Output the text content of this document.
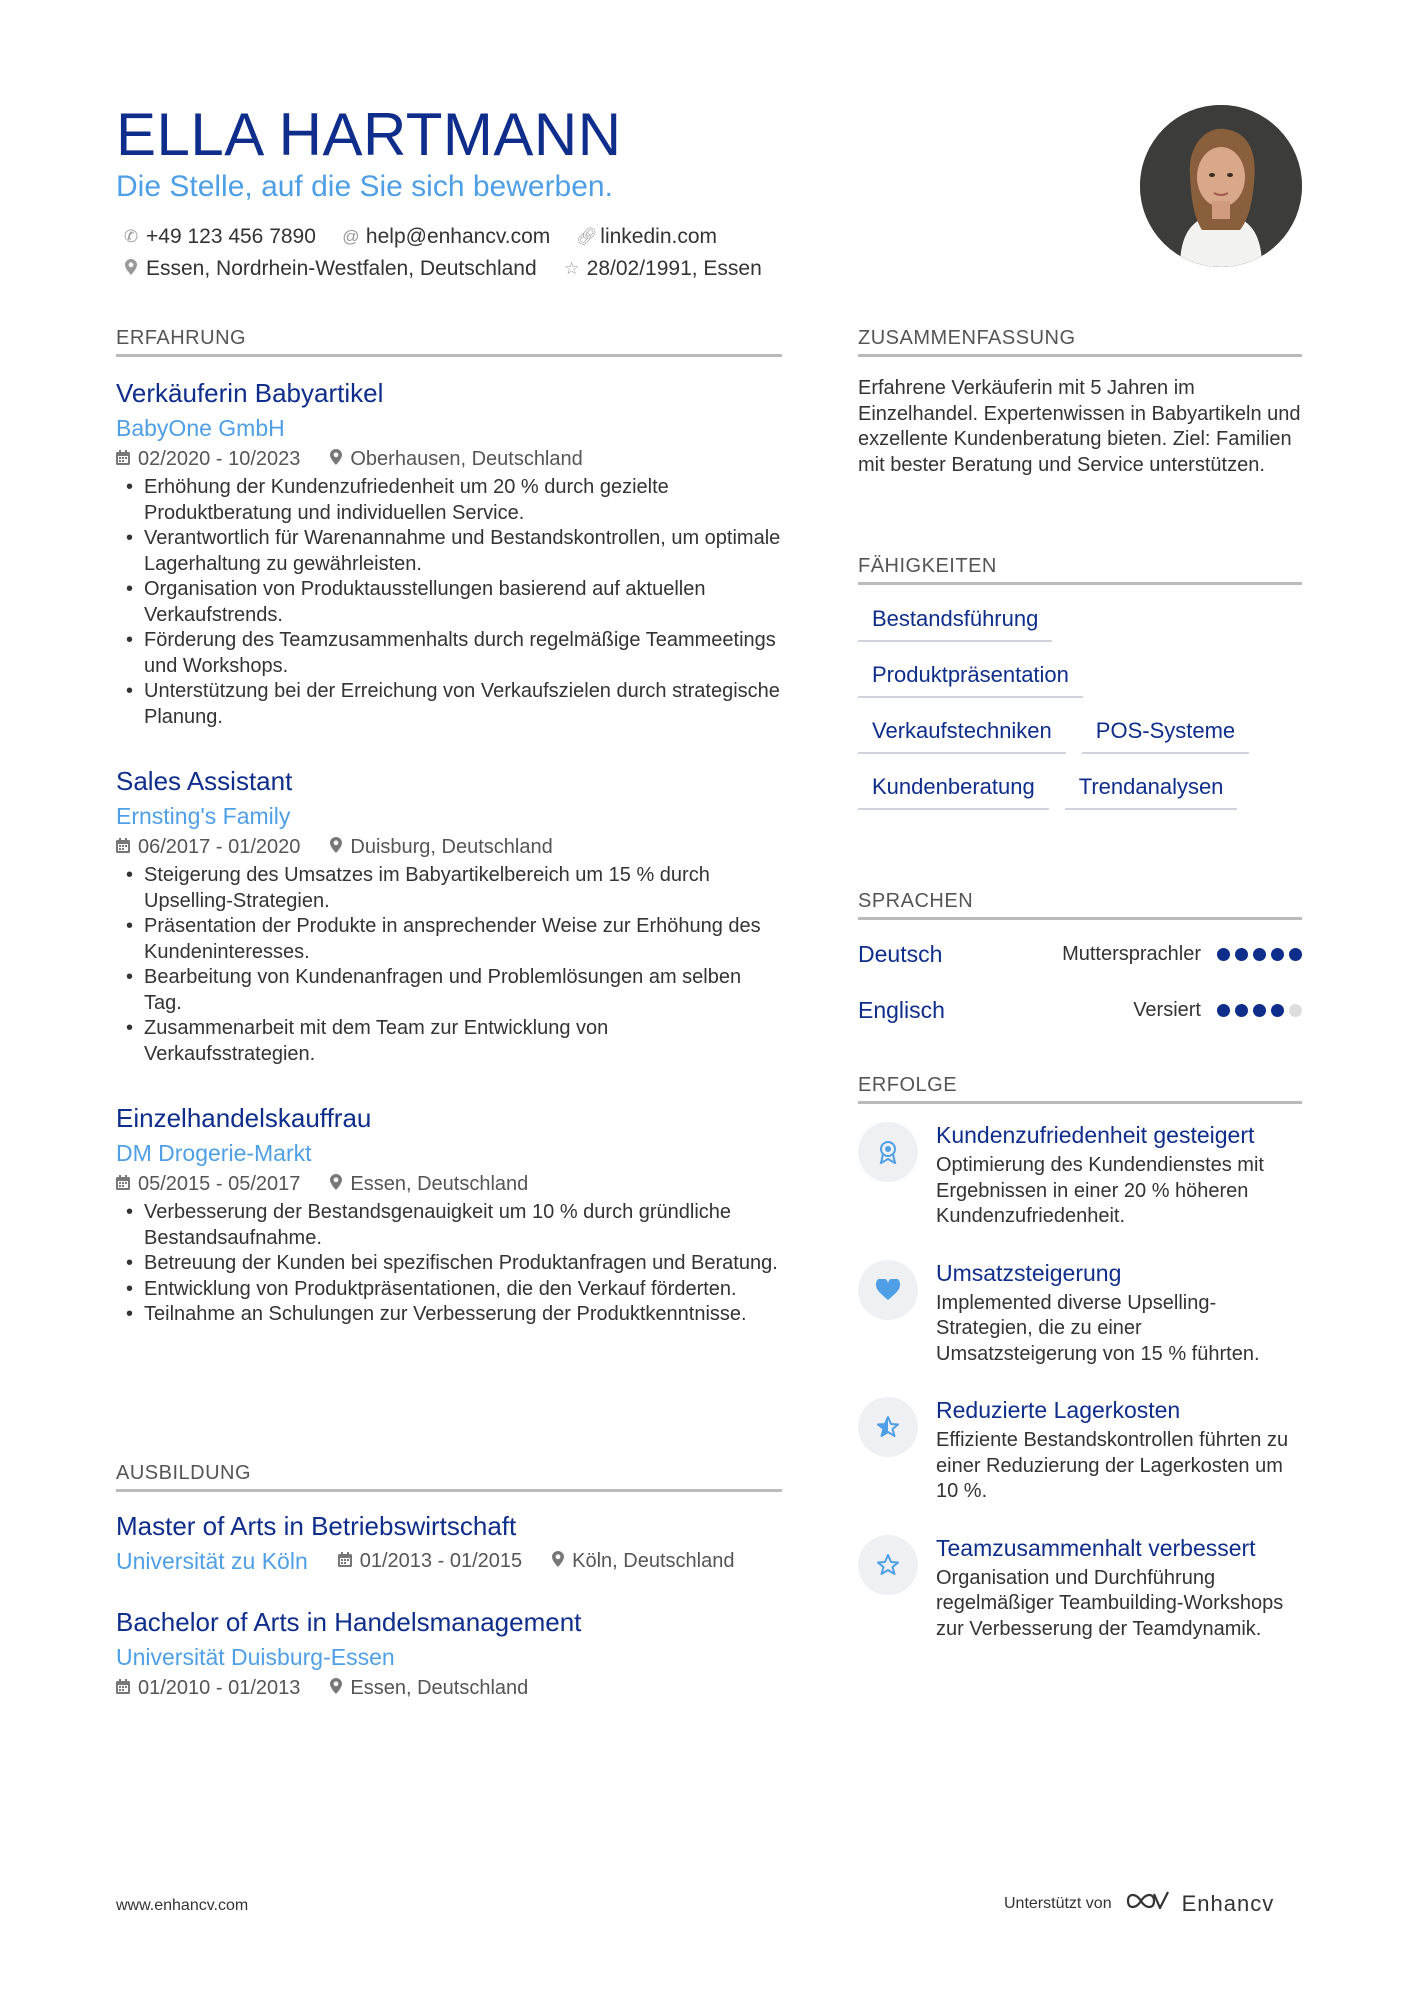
ELLA HARTMANN
Die Stelle, auf die Sie sich bewerben.
✆ +49 123 456 7890 @ help@enhancv.com 🔗︎ linkedin.com
Essen, Nordrhein-Westfalen, Deutschland ☆ 28/02/1991, Essen
ERFAHRUNG
Verkäuferin Babyartikel
BabyOne GmbH
02/2020 - 10/2023	Oberhausen, Deutschland
• Erhöhung der Kundenzufriedenheit um 20 % durch gezielte Produktberatung und individuellen Service.
• Verantwortlich für Warenannahme und Bestandskontrollen, um optimale Lagerhaltung zu gewährleisten.
• Organisation von Produktausstellungen basierend auf aktuellen Verkaufstrends.
• Förderung des Teamzusammenhalts durch regelmäßige Teammeetings und Workshops.
• Unterstützung bei der Erreichung von Verkaufszielen durch strategische Planung.
Sales Assistant
Ernsting's Family
06/2017 - 01/2020	Duisburg, Deutschland
• Steigerung des Umsatzes im Babyartikelbereich um 15 % durch Upselling-Strategien.
• Präsentation der Produkte in ansprechender Weise zur Erhöhung des Kundeninteresses.
• Bearbeitung von Kundenanfragen und Problemlösungen am selben Tag.
• Zusammenarbeit mit dem Team zur Entwicklung von Verkaufsstrategien.
Einzelhandelskauffrau
DM Drogerie-Markt
05/2015 - 05/2017	Essen, Deutschland
• Verbesserung der Bestandsgenauigkeit um 10 % durch gründliche Bestandsaufnahme.
• Betreuung der Kunden bei spezifischen Produktanfragen und Beratung.
• Entwicklung von Produktpräsentationen, die den Verkauf förderten.
• Teilnahme an Schulungen zur Verbesserung der Produktkenntnisse.
AUSBILDUNG
Master of Arts in Betriebswirtschaft
Universität zu Köln	01/2013 - 01/2015	Köln, Deutschland
Bachelor of Arts in Handelsmanagement
Universität Duisburg-Essen
01/2010 - 01/2013	Essen, Deutschland
ZUSAMMENFASSUNG
Erfahrene Verkäuferin mit 5 Jahren im Einzelhandel. Expertenwissen in Babyartikeln und exzellente Kundenberatung bieten. Ziel: Familien mit bester Beratung und Service unterstützen.
FÄHIGKEITEN
Bestandsführung
Produktpräsentation
Verkaufstechniken	POS-Systeme
Kundenberatung	Trendanalysen
SPRACHEN
Deutsch	Muttersprachler
Englisch	Versiert
ERFOLGE
Kundenzufriedenheit gesteigert
Optimierung des Kundendienstes mit Ergebnissen in einer 20 % höheren Kundenzufriedenheit.
Umsatzsteigerung
Implemented diverse Upselling-Strategien, die zu einer Umsatzsteigerung von 15 % führten.
Reduzierte Lagerkosten
Effiziente Bestandskontrollen führten zu einer Reduzierung der Lagerkosten um 10 %.
Teamzusammenhalt verbessert
Organisation und Durchführung regelmäßiger Teambuilding-Workshops zur Verbesserung der Teamdynamik.
www.enhancv.com	Unterstützt von	Enhancv
